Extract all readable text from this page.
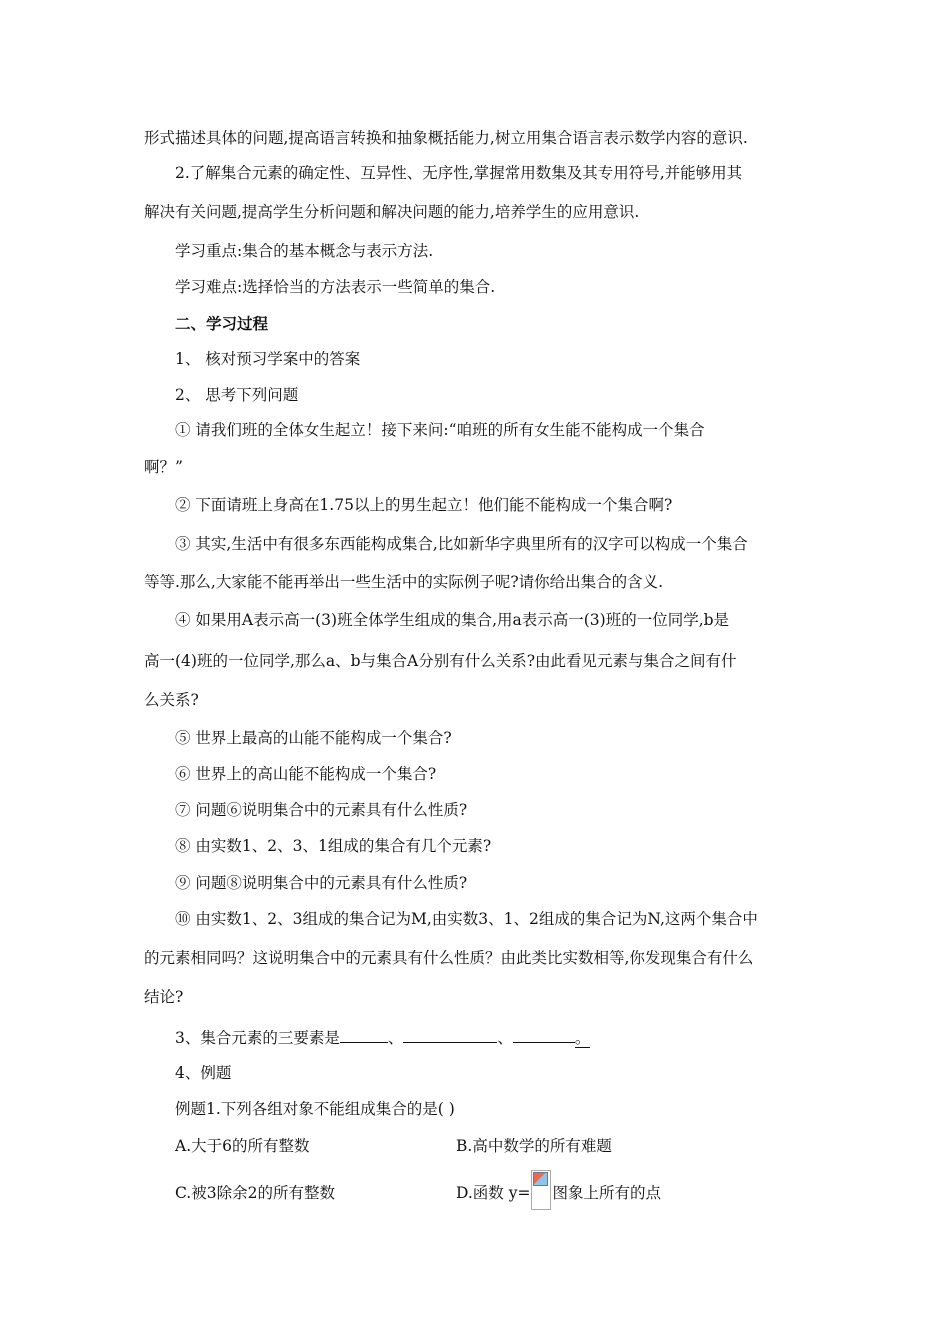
形式描述具体的问题,提高语言转换和抽象概括能力,树立用集合语言表示数学内容的意识.
2.了解集合元素的确定性、互异性、无序性,掌握常用数集及其专用符号,并能够用其
解决有关问题,提高学生分析问题和解决问题的能力,培养学生的应用意识.
学习重点:集合的基本概念与表示方法.
学习难点:选择恰当的方法表示一些简单的集合.
二、学习过程
1、 核对预习学案中的答案
2、 思考下列问题
① 请我们班的全体女生起立！接下来问:“咱班的所有女生能不能构成一个集合
啊？”
② 下面请班上身高在1.75以上的男生起立！他们能不能构成一个集合啊?
③ 其实,生活中有很多东西能构成集合,比如新华字典里所有的汉字可以构成一个集合
等等.那么,大家能不能再举出一些生活中的实际例子呢?请你给出集合的含义.
④ 如果用A表示高一(3)班全体学生组成的集合,用a表示高一(3)班的一位同学,b是
高一(4)班的一位同学,那么a、b与集合A分别有什么关系?由此看见元素与集合之间有什
么关系?
⑤ 世界上最高的山能不能构成一个集合?
⑥ 世界上的高山能不能构成一个集合?
⑦ 问题⑥说明集合中的元素具有什么性质?
⑧ 由实数1、2、3、1组成的集合有几个元素?
⑨ 问题⑧说明集合中的元素具有什么性质?
⑩ 由实数1、2、3组成的集合记为M,由实数3、1、2组成的集合记为N,这两个集合中
的元素相同吗？这说明集合中的元素具有什么性质？由此类比实数相等,你发现集合有什么
结论?
3、集合元素的三要素是	、	、	。
4、例题
例题1.下列各组对象不能组成集合的是( )
A.大于6的所有整数	B.高中数学的所有难题
C.被3除余2的所有整数	D.函数 y= 图象上所有的点
